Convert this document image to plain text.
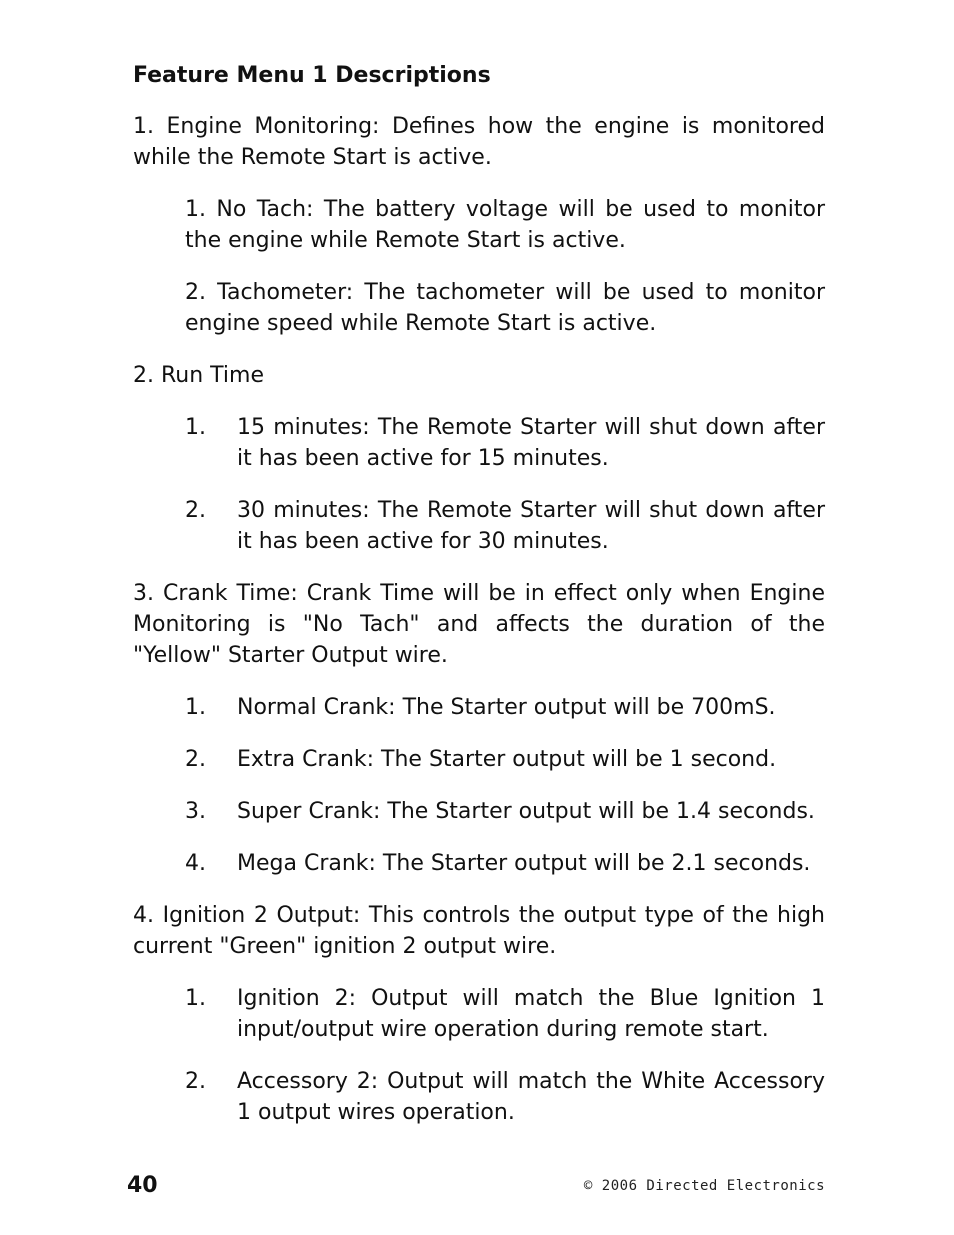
Feature Menu 1 Descriptions
1. Engine Monitoring: Defines how the engine is monitored while the Remote Start is active.
1. No Tach: The battery voltage will be used to monitor the engine while Remote Start is active.
2. Tachometer: The tachometer will be used to monitor engine speed while Remote Start is active.
2. Run Time
1.	15 minutes: The Remote Starter will shut down after it has been active for 15 minutes.
2.	30 minutes: The Remote Starter will shut down after it has been active for 30 minutes.
3. Crank Time: Crank Time will be in effect only when Engine Monitoring is "No Tach" and affects the duration of the "Yellow" Starter Output wire.
1.	Normal Crank: The Starter output will be 700mS.
2.	Extra Crank: The Starter output will be 1 second.
3.	Super Crank: The Starter output will be 1.4 seconds.
4.	Mega Crank: The Starter output will be 2.1 seconds.
4. Ignition 2 Output: This controls the output type of the high current "Green" ignition 2 output wire.
1.	Ignition 2: Output will match the Blue Ignition 1 input/output wire operation during remote start.
2.	Accessory 2: Output will match the White Accessory 1 output wires operation.
40	© 2006 Directed Electronics
